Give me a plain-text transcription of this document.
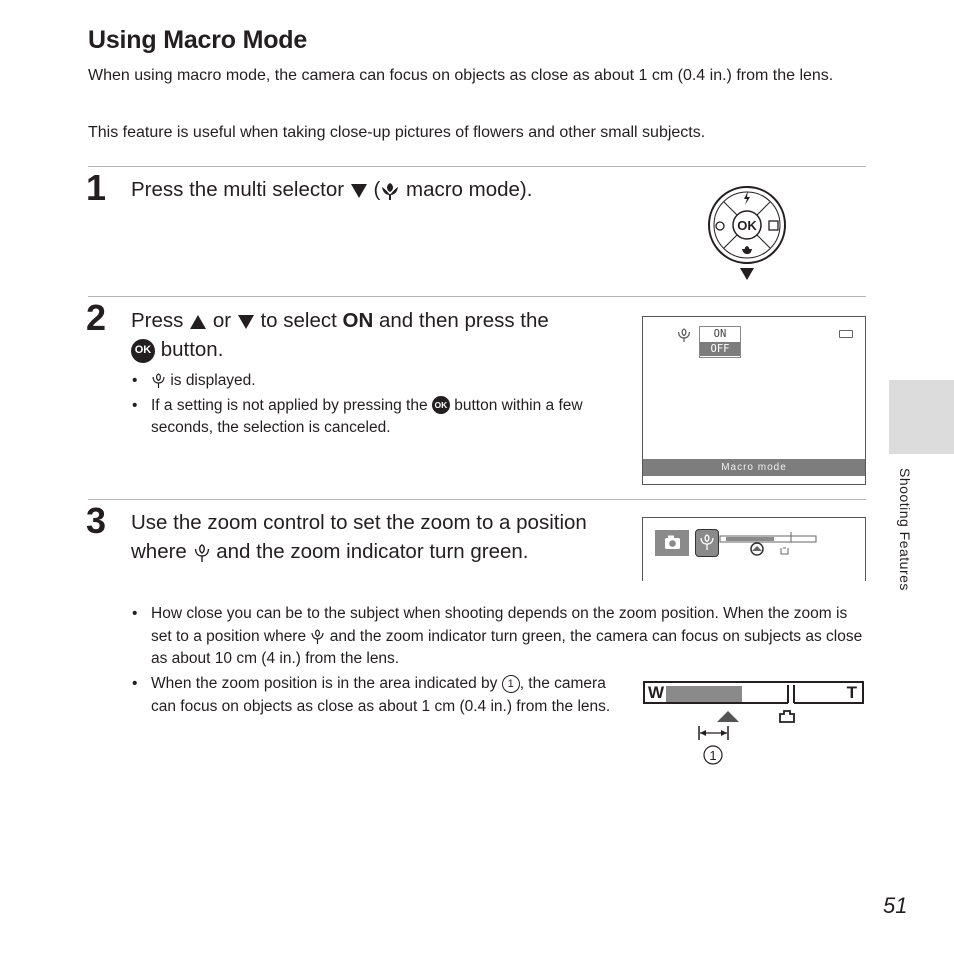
Using Macro Mode
When using macro mode, the camera can focus on objects as close as about 1 cm (0.4 in.) from the lens.
This feature is useful when taking close-up pictures of flowers and other small subjects.
1 Press the multi selector ( macro mode).
OK
2 Press or to select ON and then press the
OK button.
• is displayed.
• If a setting is not applied by pressing the OK button within a few seconds, the selection is canceled.
ON
OFF
Macro mode
3 Use the zoom control to set the zoom to a position where and the zoom indicator turn green.
• How close you can be to the subject when shooting depends on the zoom position. When the zoom is set to a position where and the zoom indicator turn green, the camera can focus on subjects as close as about 10 cm (4 in.) from the lens.
• When the zoom position is in the area indicated by 1 , the camera can focus on objects as close as about 1 cm (0.4 in.) from the lens.
W	T
1
Shooting Features
51
